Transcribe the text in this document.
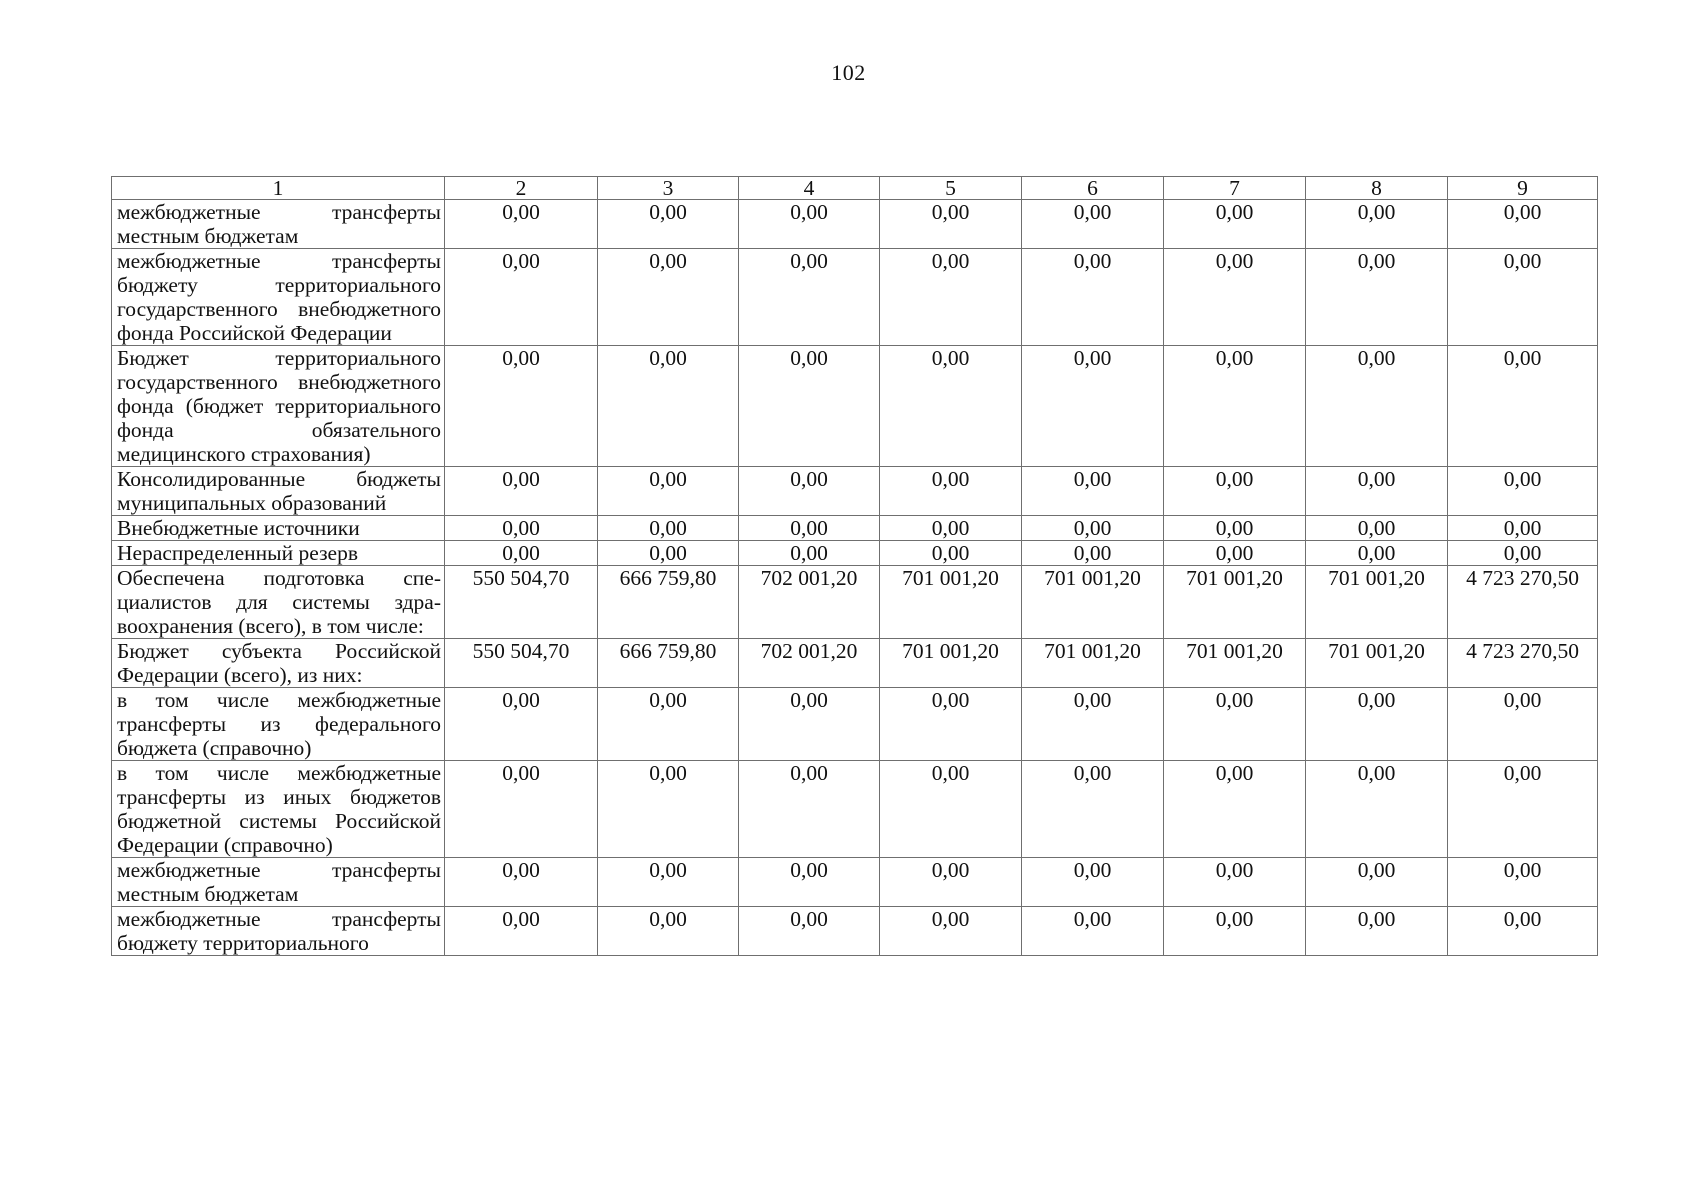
102
1	2	3	4	5	6	7	8	9
межбюджетные трансферты местным бюджетам	0,00	0,00	0,00	0,00	0,00	0,00	0,00	0,00
межбюджетные трансферты бюджету территориального государственного внебюджетного фонда Российской Федерации	0,00	0,00	0,00	0,00	0,00	0,00	0,00	0,00
Бюджет территориального государственного внебюджетного фонда (бюджет территориального фонда обязательного медицинского страхования)	0,00	0,00	0,00	0,00	0,00	0,00	0,00	0,00
Консолидированные бюджеты муниципальных образований	0,00	0,00	0,00	0,00	0,00	0,00	0,00	0,00
Внебюджетные источники	0,00	0,00	0,00	0,00	0,00	0,00	0,00	0,00
Нераспределенный резерв	0,00	0,00	0,00	0,00	0,00	0,00	0,00	0,00
Обеспечена подготовка специалистов для системы здравоохранения (всего), в том числе:	550 504,70	666 759,80	702 001,20	701 001,20	701 001,20	701 001,20	701 001,20	4 723 270,50
Бюджет субъекта Российской Федерации (всего), из них:	550 504,70	666 759,80	702 001,20	701 001,20	701 001,20	701 001,20	701 001,20	4 723 270,50
в том числе межбюджетные трансферты из федерального бюджета (справочно)	0,00	0,00	0,00	0,00	0,00	0,00	0,00	0,00
в том числе межбюджетные трансферты из иных бюджетов бюджетной системы Российской Федерации (справочно)	0,00	0,00	0,00	0,00	0,00	0,00	0,00	0,00
межбюджетные трансферты местным бюджетам	0,00	0,00	0,00	0,00	0,00	0,00	0,00	0,00
межбюджетные трансферты бюджету территориального	0,00	0,00	0,00	0,00	0,00	0,00	0,00	0,00
